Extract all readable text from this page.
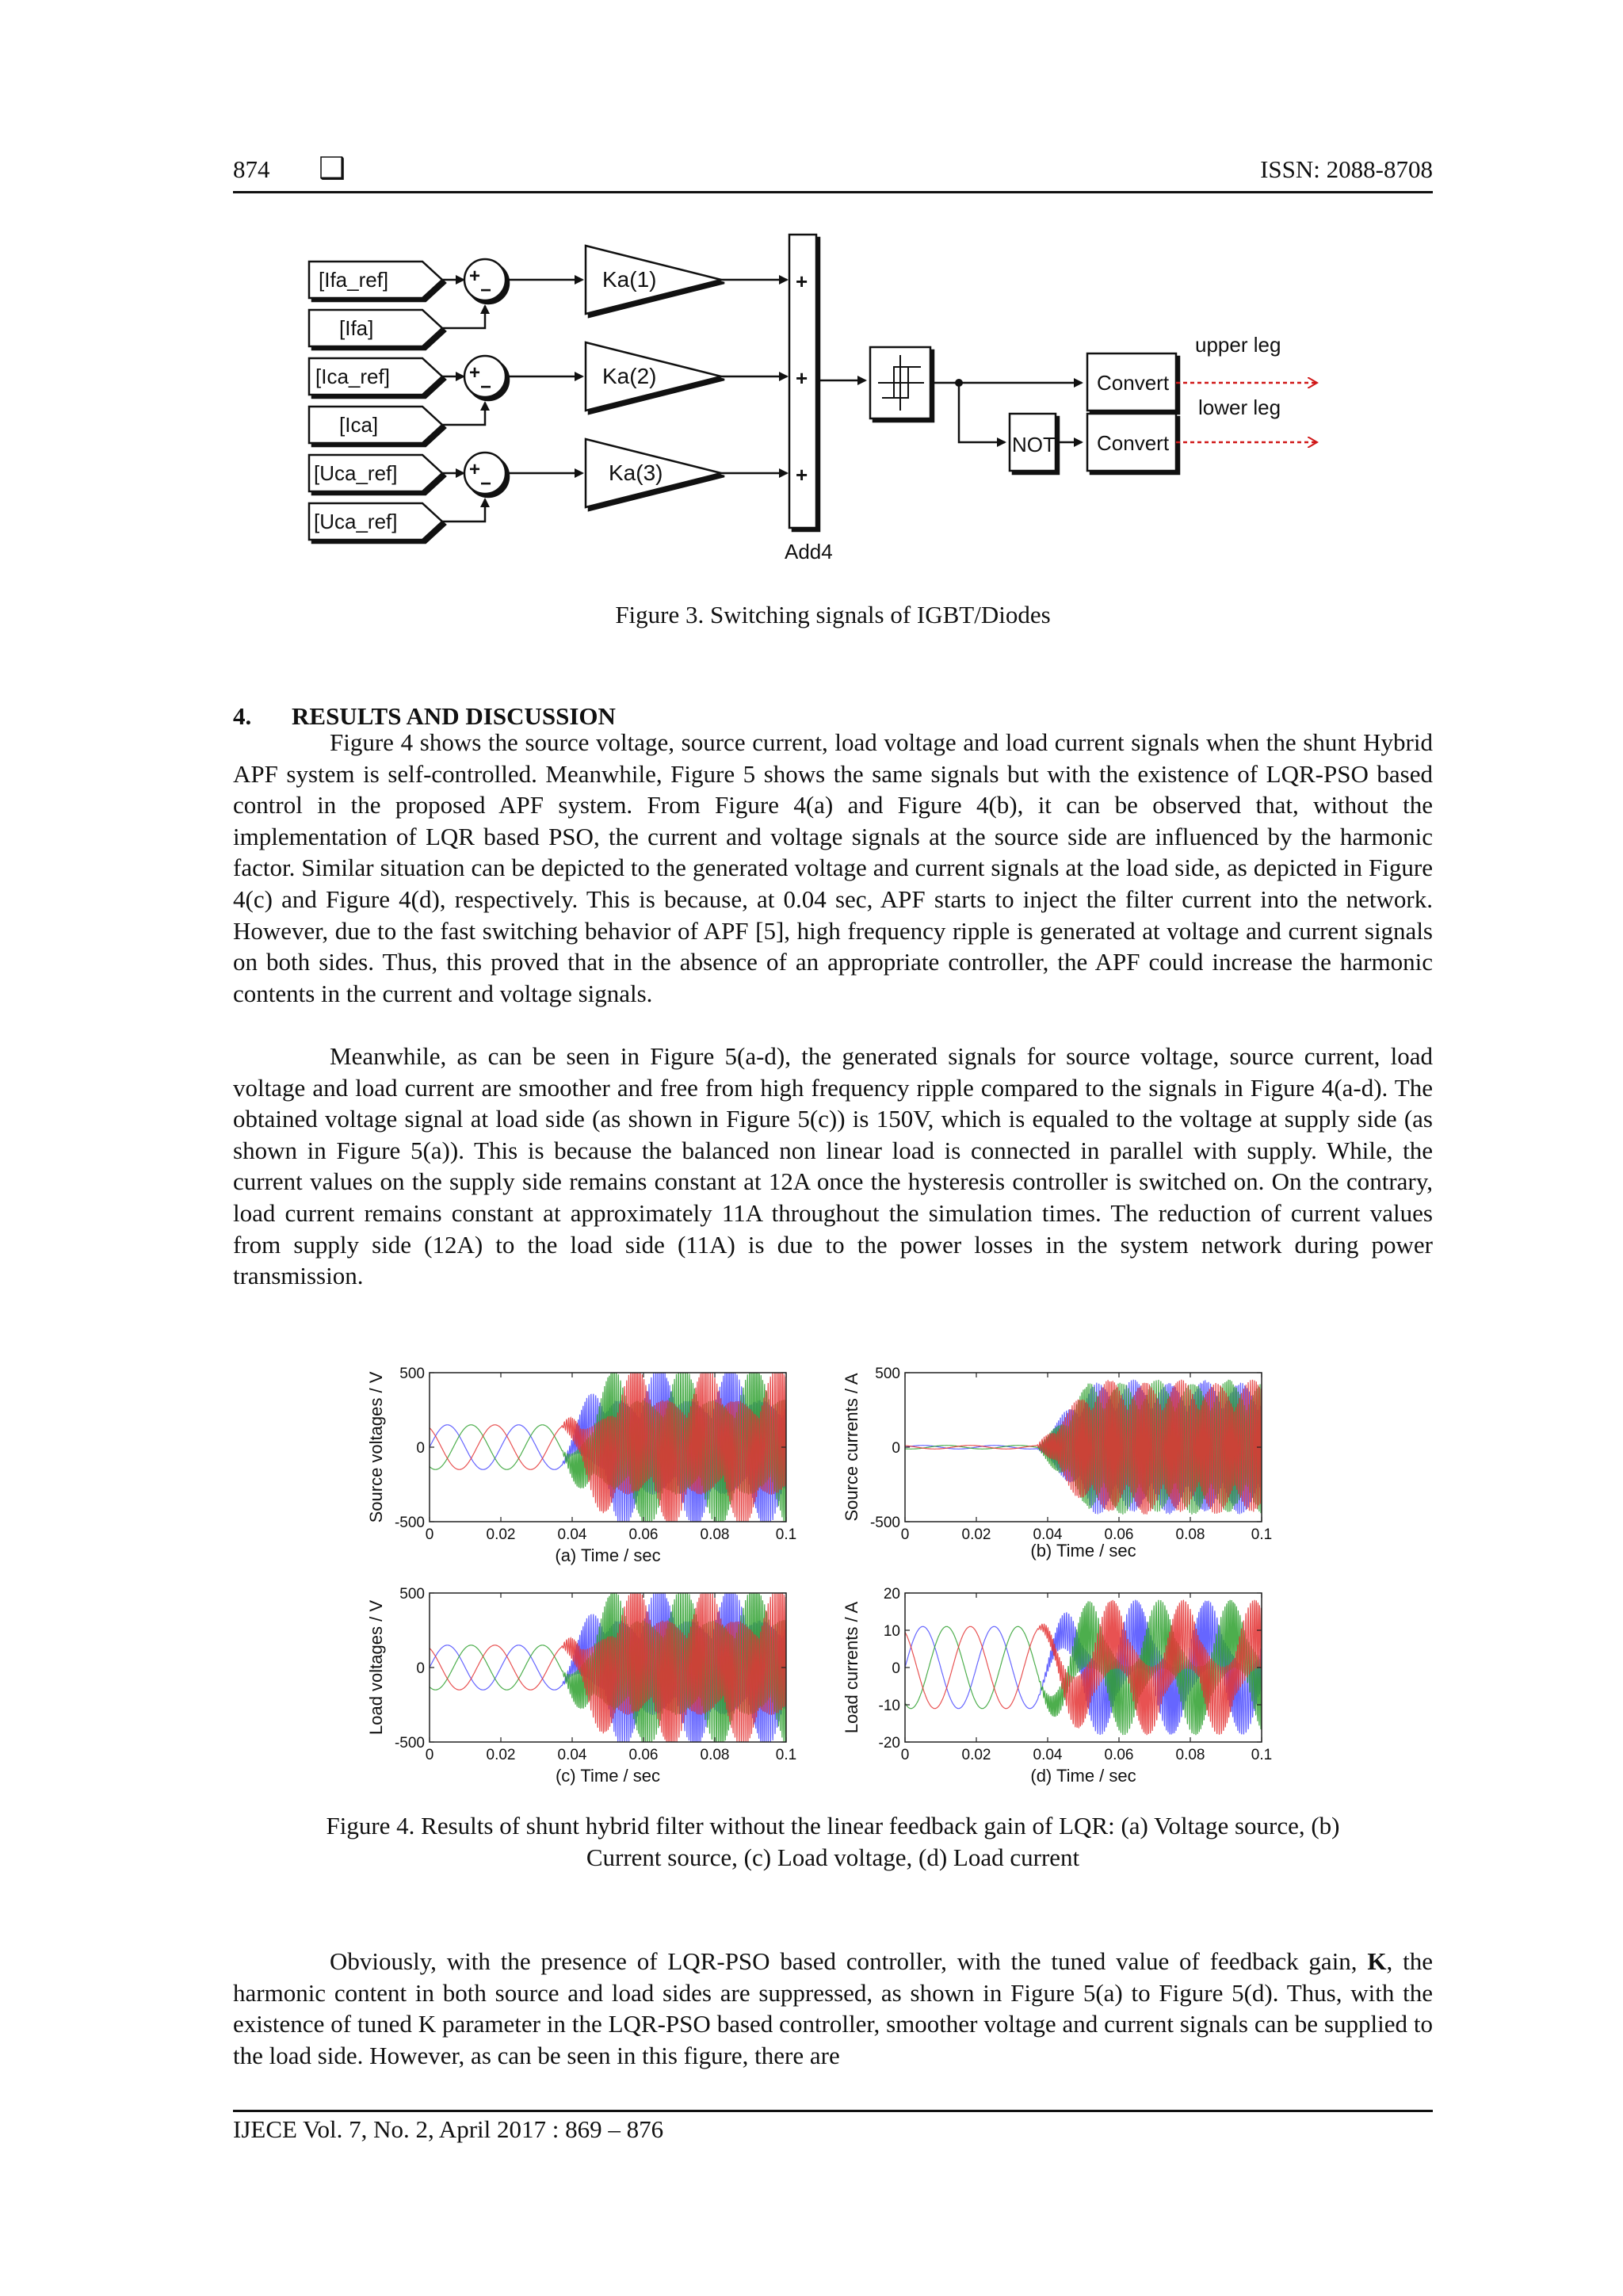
874 ❑	ISSN: 2088-8708
[Ifa_ref]
[Ifa]
[Ica_ref]
[Ica]
[Uca_ref]
[Uca_ref]
+
−
+
−
+
−
Ka(1)
Ka(2)
Ka(3)
+
+
+
Add4
NOT
Convert
Convert
upper leg
lower leg
Figure 3. Switching signals of IGBT/Diodes
4. RESULTS AND DISCUSSION

Figure 4 shows the source voltage, source current, load voltage and load current signals when the shunt Hybrid APF system is self-controlled. Meanwhile, Figure 5 shows the same signals but with the existence of LQR-PSO based control in the proposed APF system. From Figure 4(a) and Figure 4(b), it can be observed that, without the implementation of LQR based PSO, the current and voltage signals at the source side are influenced by the harmonic factor. Similar situation can be depicted to the generated voltage and current signals at the load side, as depicted in Figure 4(c) and Figure 4(d), respectively. This is because, at 0.04 sec, APF starts to inject the filter current into the network. However, due to the fast switching behavior of APF [5], high frequency ripple is generated at voltage and current signals on both sides. Thus, this proved that in the absence of an appropriate controller, the APF could increase the harmonic contents in the current and voltage signals.

Meanwhile, as can be seen in Figure 5(a-d), the generated signals for source voltage, source current, load voltage and load current are smoother and free from high frequency ripple compared to the signals in Figure 4(a-d). The obtained voltage signal at load side (as shown in Figure 5(c)) is 150V, which is equaled to the voltage at supply side (as shown in Figure 5(a)). This is because the balanced non linear load is connected in parallel with supply. While, the current values on the supply side remains constant at 12A once the hysteresis controller is switched on. On the contrary, load current remains constant at approximately 11A throughout the simulation times. The reduction of current values from supply side (12A) to the load side (11A) is due to the power losses in the system network during power transmission.

0	0.02	0.04	0.06	0.08	0.1
-500
0
500
(a) Time / sec
Source voltages / V
0	0.02	0.04	0.06	0.08	0.1
-500
0
500
(b) Time / sec
Source currents / A
0	0.02	0.04	0.06	0.08	0.1
-500
0
500
(c) Time / sec
Load voltages / V
0	0.02	0.04	0.06	0.08	0.1
-20
-10
0
10
20
(d) Time / sec
Load currents / A
Figure 4. Results of shunt hybrid filter without the linear feedback gain of LQR: (a) Voltage source, (b)
Current source, (c) Load voltage, (d) Load current

Obviously, with the presence of LQR-PSO based controller, with the tuned value of feedback gain, K, the harmonic content in both source and load sides are suppressed, as shown in Figure 5(a) to Figure 5(d). Thus, with the existence of tuned K parameter in the LQR-PSO based controller, smoother voltage and current signals can be supplied to the load side. However, as can be seen in this figure, there are

IJECE Vol. 7, No. 2, April 2017 : 869 – 876
